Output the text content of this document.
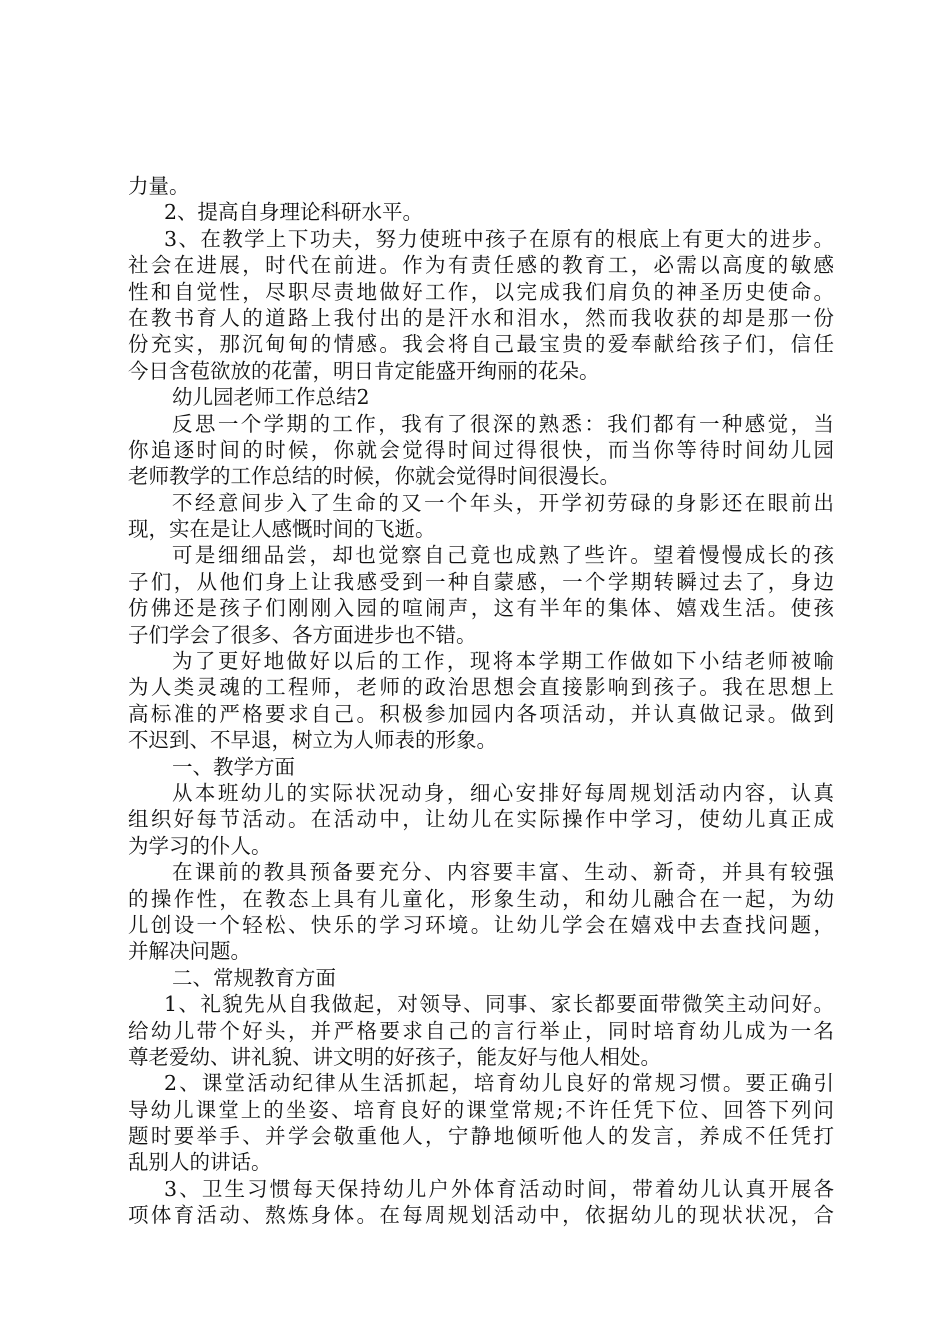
力量。
2、提高自身理论科研水平。
3、在教学上下功夫，努力使班中孩子在原有的根底上有更大的进步。
社会在进展，时代在前进。作为有责任感的教育工，必需以高度的敏感
性和自觉性，尽职尽责地做好工作，以完成我们肩负的神圣历史使命。
在教书育人的道路上我付出的是汗水和泪水，然而我收获的却是那一份
份充实，那沉甸甸的情感。我会将自己最宝贵的爱奉献给孩子们，信任
今日含苞欲放的花蕾，明日肯定能盛开绚丽的花朵。
幼儿园老师工作总结2
反思一个学期的工作，我有了很深的熟悉：我们都有一种感觉，当
你追逐时间的时候，你就会觉得时间过得很快，而当你等待时间幼儿园
老师教学的工作总结的时候，你就会觉得时间很漫长。
不经意间步入了生命的又一个年头，开学初劳碌的身影还在眼前出
现，实在是让人感慨时间的飞逝。
可是细细品尝，却也觉察自己竟也成熟了些许。望着慢慢成长的孩
子们，从他们身上让我感受到一种自蒙感，一个学期转瞬过去了，身边
仿佛还是孩子们刚刚入园的喧闹声，这有半年的集体、嬉戏生活。使孩
子们学会了很多、各方面进步也不错。
为了更好地做好以后的工作，现将本学期工作做如下小结老师被喻
为人类灵魂的工程师，老师的政治思想会直接影响到孩子。我在思想上
高标准的严格要求自己。积极参加园内各项活动，并认真做记录。做到
不迟到、不早退，树立为人师表的形象。
一、教学方面
从本班幼儿的实际状况动身，细心安排好每周规划活动内容，认真
组织好每节活动。在活动中，让幼儿在实际操作中学习，使幼儿真正成
为学习的仆人。
在课前的教具预备要充分、内容要丰富、生动、新奇，并具有较强
的操作性，在教态上具有儿童化，形象生动，和幼儿融合在一起，为幼
儿创设一个轻松、快乐的学习环境。让幼儿学会在嬉戏中去查找问题，
并解决问题。
二、常规教育方面
1、礼貌先从自我做起，对领导、同事、家长都要面带微笑主动问好。
给幼儿带个好头，并严格要求自己的言行举止，同时培育幼儿成为一名
尊老爱幼、讲礼貌、讲文明的好孩子，能友好与他人相处。
2、课堂活动纪律从生活抓起，培育幼儿良好的常规习惯。要正确引
导幼儿课堂上的坐姿、培育良好的课堂常规;不许任凭下位、回答下列问
题时要举手、并学会敬重他人，宁静地倾听他人的发言，养成不任凭打
乱别人的讲话。
3、卫生习惯每天保持幼儿户外体育活动时间，带着幼儿认真开展各
项体育活动、熬炼身体。在每周规划活动中，依据幼儿的现状状况，合
